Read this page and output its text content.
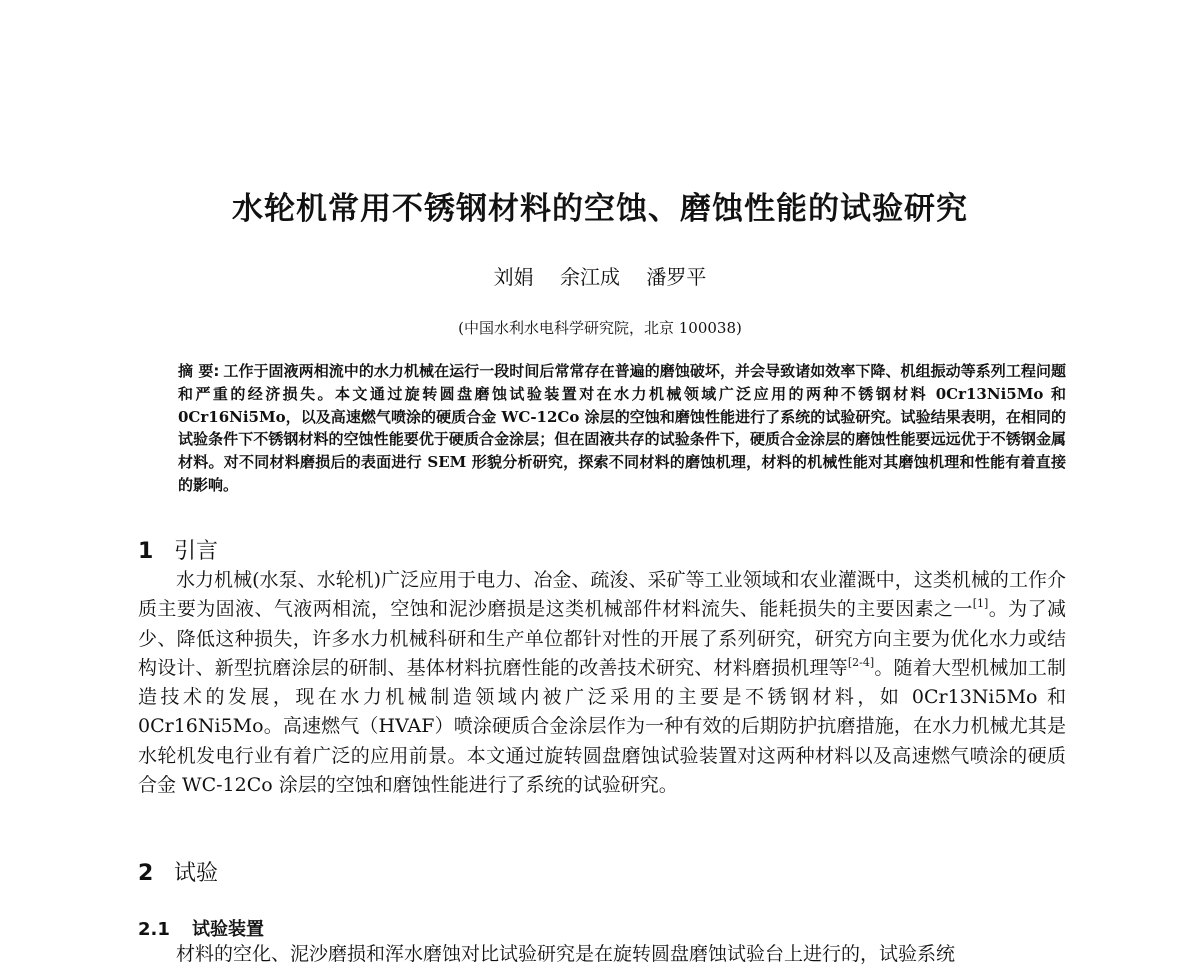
水轮机常用不锈钢材料的空蚀、磨蚀性能的试验研究
刘娟 余江成 潘罗平
(中国水利水电科学研究院，北京 100038)
摘 要: 工作于固液两相流中的水力机械在运行一段时间后常常存在普遍的磨蚀破坏，并会导致诸如效率下降、机组振动等系列工程问题和严重的经济损失。本文通过旋转圆盘磨蚀试验装置对在水力机械领域广泛应用的两种不锈钢材料 0Cr13Ni5Mo 和 0Cr16Ni5Mo，以及高速燃气喷涂的硬质合金 WC-12Co 涂层的空蚀和磨蚀性能进行了系统的试验研究。试验结果表明，在相同的试验条件下不锈钢材料的空蚀性能要优于硬质合金涂层；但在固液共存的试验条件下，硬质合金涂层的磨蚀性能要远远优于不锈钢金属材料。对不同材料磨损后的表面进行 SEM 形貌分析研究，探索不同材料的磨蚀机理，材料的机械性能对其磨蚀机理和性能有着直接的影响。
1 引言
水力机械(水泵、水轮机)广泛应用于电力、冶金、疏浚、采矿等工业领域和农业灌溉中，这类机械的工作介质主要为固液、气液两相流，空蚀和泥沙磨损是这类机械部件材料流失、能耗损失的主要因素之一[1]。为了减少、降低这种损失，许多水力机械科研和生产单位都针对性的开展了系列研究，研究方向主要为优化水力或结构设计、新型抗磨涂层的研制、基体材料抗磨性能的改善技术研究、材料磨损机理等[2-4]。随着大型机械加工制造技术的发展，现在水力机械制造领域内被广泛采用的主要是不锈钢材料，如 0Cr13Ni5Mo 和 0Cr16Ni5Mo。高速燃气（HVAF）喷涂硬质合金涂层作为一种有效的后期防护抗磨措施，在水力机械尤其是水轮机发电行业有着广泛的应用前景。本文通过旋转圆盘磨蚀试验装置对这两种材料以及高速燃气喷涂的硬质合金 WC-12Co 涂层的空蚀和磨蚀性能进行了系统的试验研究。
2 试验
2.1 试验装置
材料的空化、泥沙磨损和浑水磨蚀对比试验研究是在旋转圆盘磨蚀试验台上进行的，试验系统
